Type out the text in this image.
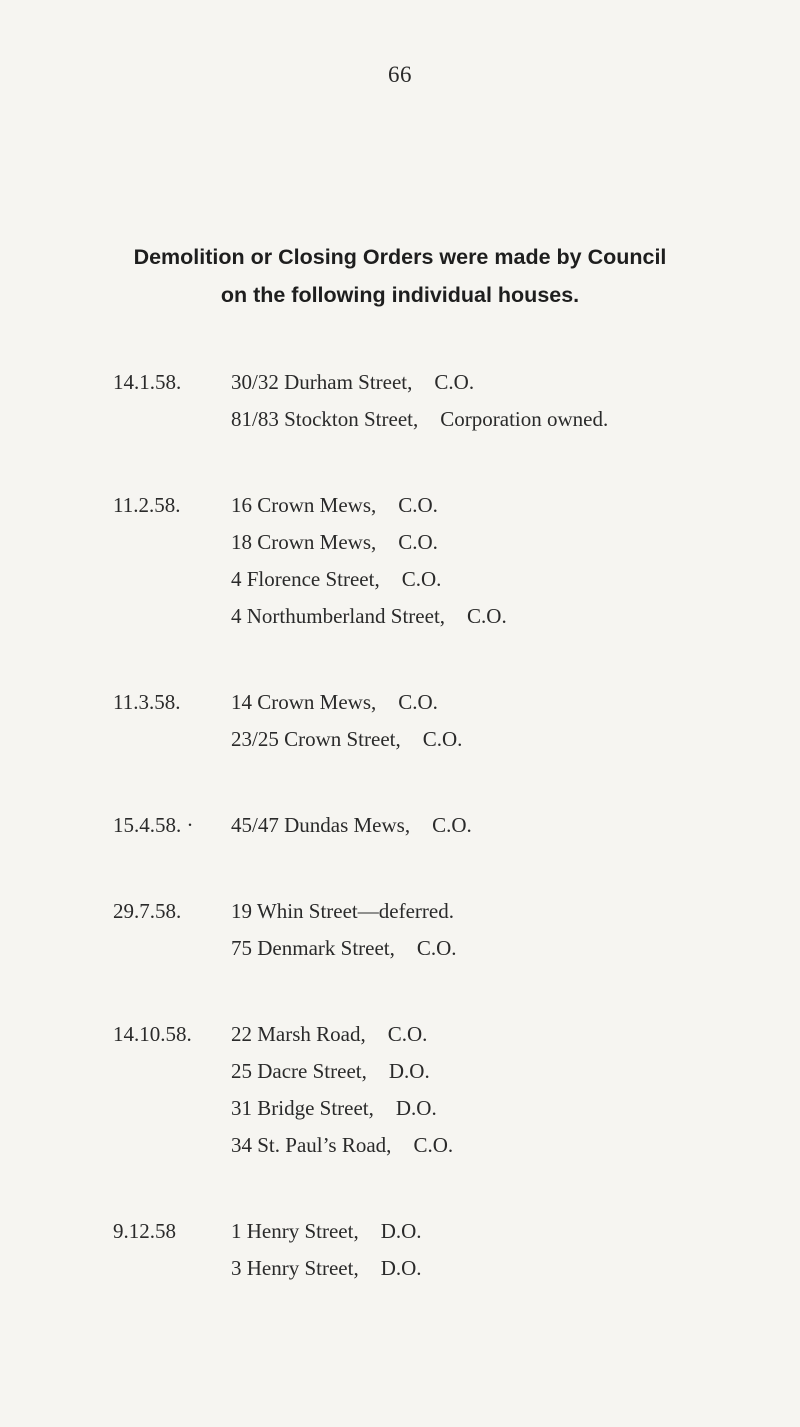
66
Demolition or Closing Orders were made by Council
on the following individual houses.
14.1.58. 30/32 Durham Street, C.O.
81/83 Stockton Street, Corporation owned.
11.2.58. 16 Crown Mews, C.O.
18 Crown Mews, C.O.
4 Florence Street, C.O.
4 Northumberland Street, C.O.
11.3.58. 14 Crown Mews, C.O.
23/25 Crown Street, C.O.
15.4.58. · 45/47 Dundas Mews, C.O.
29.7.58. 19 Whin Street—deferred.
75 Denmark Street, C.O.
14.10.58. 22 Marsh Road, C.O.
25 Dacre Street, D.O.
31 Bridge Street, D.O.
34 St. Paul’s Road, C.O.
9.12.58	1 Henry Street, D.O.
3 Henry Street, D.O.
